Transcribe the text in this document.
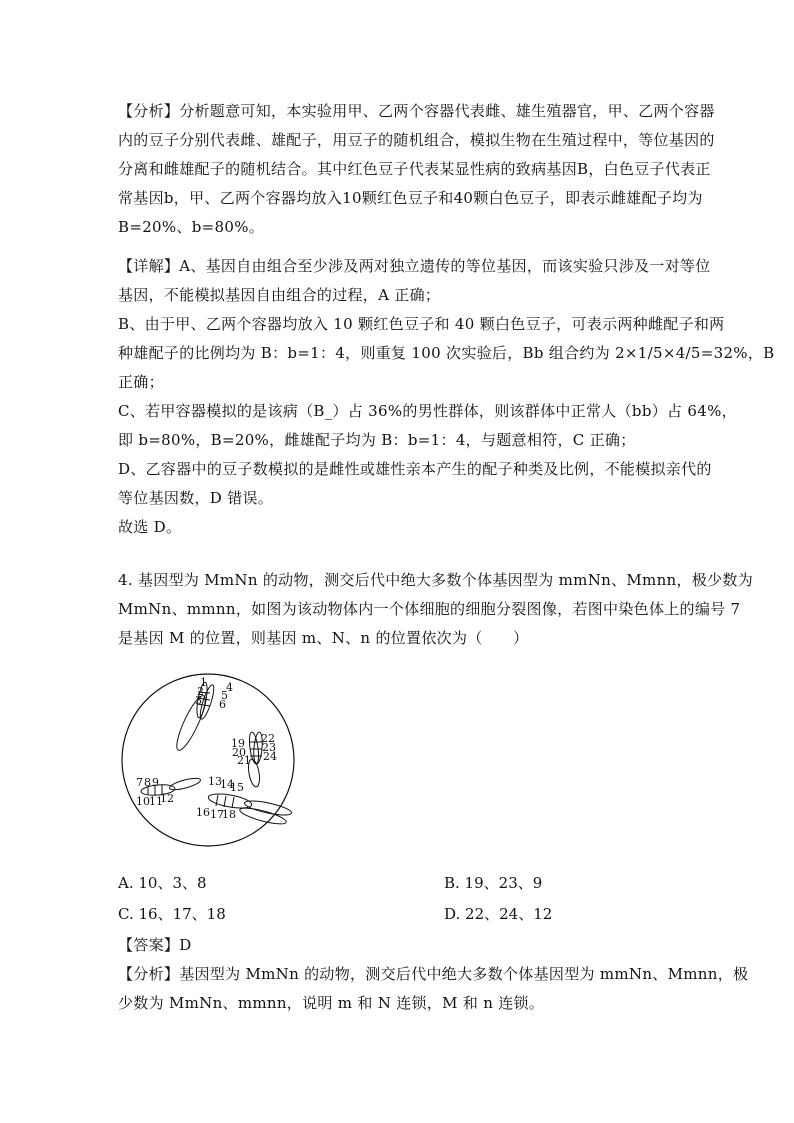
【分析】分析题意可知，本实验用甲、乙两个容器代表雌、雄生殖器官，甲、乙两个容器
内的豆子分别代表雌、雄配子，用豆子的随机组合，模拟生物在生殖过程中，等位基因的
分离和雌雄配子的随机结合。其中红色豆子代表某显性病的致病基因B，白色豆子代表正
常基因b，甲、乙两个容器均放入10颗红色豆子和40颗白色豆子，即表示雌雄配子均为
B=20%、b=80%。
【详解】A、基因自由组合至少涉及两对独立遗传的等位基因，而该实验只涉及一对等位
基因，不能模拟基因自由组合的过程，A 正确；
B、由于甲、乙两个容器均放入 10 颗红色豆子和 40 颗白色豆子，可表示两种雌配子和两
种雄配子的比例均为 B：b=1：4，则重复 100 次实验后，Bb 组合约为 2×1/5×4/5=32%，B
正确；
C、若甲容器模拟的是该病（B_）占 36%的男性群体，则该群体中正常人（bb）占 64%，
即 b=80%，B=20%，雌雄配子均为 B：b=1：4，与题意相符，C 正确；
D、乙容器中的豆子数模拟的是雌性或雄性亲本产生的配子种类及比例，不能模拟亲代的
等位基因数，D 错误。
故选 D。
4. 基因型为 MmNn 的动物，测交后代中绝大多数个体基因型为 mmNn、Mmnn，极少数为
MmNn、mmnn，如图为该动物体内一个体细胞的细胞分裂图像，若图中染色体上的编号 7
是基因 M 的位置，则基因 m、N、n 的位置依次为（　　）
1
2
3
4
5
6
7 8 9
10 11
12
13
14
15
16 17
18
19
20
21
22
23
24
A. 10、3、8	B. 19、23、9
C. 16、17、18	D. 22、24、12
【答案】D
【分析】基因型为 MmNn 的动物，测交后代中绝大多数个体基因型为 mmNn、Mmnn，极
少数为 MmNn、mmnn，说明 m 和 N 连锁，M 和 n 连锁。
